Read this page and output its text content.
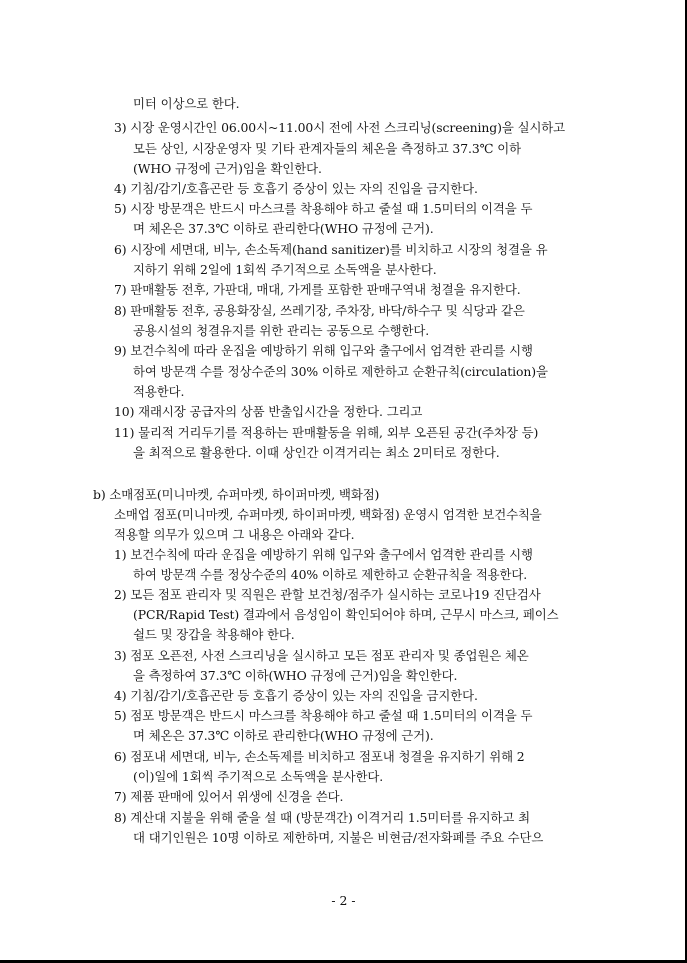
미터 이상으로 한다.
3) 시장 운영시간인 06.00시~11.00시 전에 사전 스크리닝(screening)을 실시하고
모든 상인, 시장운영자 및 기타 관계자들의 체온을 측정하고 37.3℃ 이하
(WHO 규정에 근거)임을 확인한다.
4) 기침/감기/호흡곤란 등 호흡기 증상이 있는 자의 진입을 금지한다.
5) 시장 방문객은 반드시 마스크를 착용해야 하고 줄설 때 1.5미터의 이격을 두
며 체온은 37.3℃ 이하로 관리한다(WHO 규정에 근거).
6) 시장에 세면대, 비누, 손소독제(hand sanitizer)를 비치하고 시장의 청결을 유
지하기 위해 2일에 1회씩 주기적으로 소독액을 분사한다.
7) 판매활동 전후, 가판대, 매대, 가게를 포함한 판매구역내 청결을 유지한다.
8) 판매활동 전후, 공용화장실, 쓰레기장, 주차장, 바닥/하수구 및 식당과 같은
공용시설의 청결유지를 위한 관리는 공동으로 수행한다.
9) 보건수칙에 따라 운집을 예방하기 위해 입구와 출구에서 엄격한 관리를 시행
하여 방문객 수를 정상수준의 30% 이하로 제한하고 순환규칙(circulation)을
적용한다.
10) 재래시장 공급자의 상품 반출입시간을 정한다. 그리고
11) 물리적 거리두기를 적용하는 판매활동을 위해, 외부 오픈된 공간(주차장 등)
을 최적으로 활용한다. 이때 상인간 이격거리는 최소 2미터로 정한다.
b) 소매점포(미니마켓, 슈퍼마켓, 하이퍼마켓, 백화점)
소매업 점포(미니마켓, 슈퍼마켓, 하이퍼마켓, 백화점) 운영시 엄격한 보건수칙을
적용할 의무가 있으며 그 내용은 아래와 같다.
1) 보건수칙에 따라 운집을 예방하기 위해 입구와 출구에서 엄격한 관리를 시행
하여 방문객 수를 정상수준의 40% 이하로 제한하고 순환규칙을 적용한다.
2) 모든 점포 관리자 및 직원은 관할 보건청/점주가 실시하는 코로나19 진단검사
(PCR/Rapid Test) 결과에서 음성임이 확인되어야 하며, 근무시 마스크, 페이스
쉴드 및 장갑을 착용해야 한다.
3) 점포 오픈전, 사전 스크리닝을 실시하고 모든 점포 관리자 및 종업원은 체온
을 측정하여 37.3℃ 이하(WHO 규정에 근거)임을 확인한다.
4) 기침/감기/호흡곤란 등 호흡기 증상이 있는 자의 진입을 금지한다.
5) 점포 방문객은 반드시 마스크를 착용해야 하고 줄설 때 1.5미터의 이격을 두
며 체온은 37.3℃ 이하로 관리한다(WHO 규정에 근거).
6) 점포내 세면대, 비누, 손소독제를 비치하고 점포내 청결을 유지하기 위해 2
(이)일에 1회씩 주기적으로 소독액을 분사한다.
7) 제품 판매에 있어서 위생에 신경을 쓴다.
8) 계산대 지불을 위해 줄을 설 때 (방문객간) 이격거리 1.5미터를 유지하고 최
대 대기인원은 10명 이하로 제한하며, 지불은 비현금/전자화폐를 주요 수단으
- 2 -
